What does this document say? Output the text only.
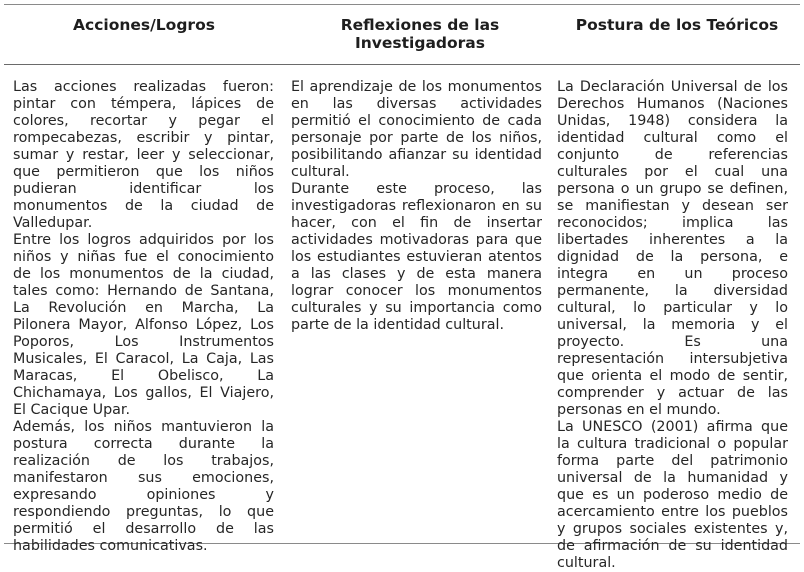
Acciones/Logros	Reflexiones de las Investigadoras
Postura de los Teóricos

Las acciones realizadas fueron: pintar con témpera, lápices de colores, recortar y pegar el rompecabezas, escribir y pintar, sumar y restar, leer y seleccionar, que permitieron que los niños pudieran identificar los monumentos de la ciudad de Valledupar.

Entre los logros adquiridos por los niños y niñas fue el conocimiento de los monumentos de la ciudad, tales como: Hernando de Santana, La Revolución en Marcha, La Pilonera Mayor, Alfonso López, Los Poporos, Los Instrumentos Musicales, El Caracol, La Caja, Las Maracas, El Obelisco, La Chichamaya, Los gallos, El Viajero, El Cacique Upar.

Además, los niños mantuvieron la postura correcta durante la realización de los trabajos, manifestaron sus emociones, expresando opiniones y respondiendo preguntas, lo que permitió el desarrollo de las habilidades comunicativas.

El aprendizaje de los monumentos en las diversas actividades permitió el conocimiento de cada personaje por parte de los niños, posibilitando afianzar su identidad cultural.

Durante este proceso, las investigadoras reflexionaron en su hacer, con el fin de insertar actividades motivadoras para que los estudiantes estuvieran atentos a las clases y de esta manera lograr conocer los monumentos culturales y su importancia como parte de la identidad cultural.

La Declaración Universal de los Derechos Humanos (Naciones Unidas, 1948) considera la identidad cultural como el conjunto de referencias culturales por el cual una persona o un grupo se definen, se manifiestan y desean ser reconocidos; implica las libertades inherentes a la dignidad de la persona, e integra en un proceso permanente, la diversidad cultural, lo particular y lo universal, la memoria y el proyecto. Es una representación intersubjetiva que orienta el modo de sentir, comprender y actuar de las personas en el mundo.

La UNESCO (2001) afirma que la cultura tradicional o popular forma parte del patrimonio universal de la humanidad y que es un poderoso medio de acercamiento entre los pueblos y grupos sociales existentes y, de afirmación de su identidad cultural.
